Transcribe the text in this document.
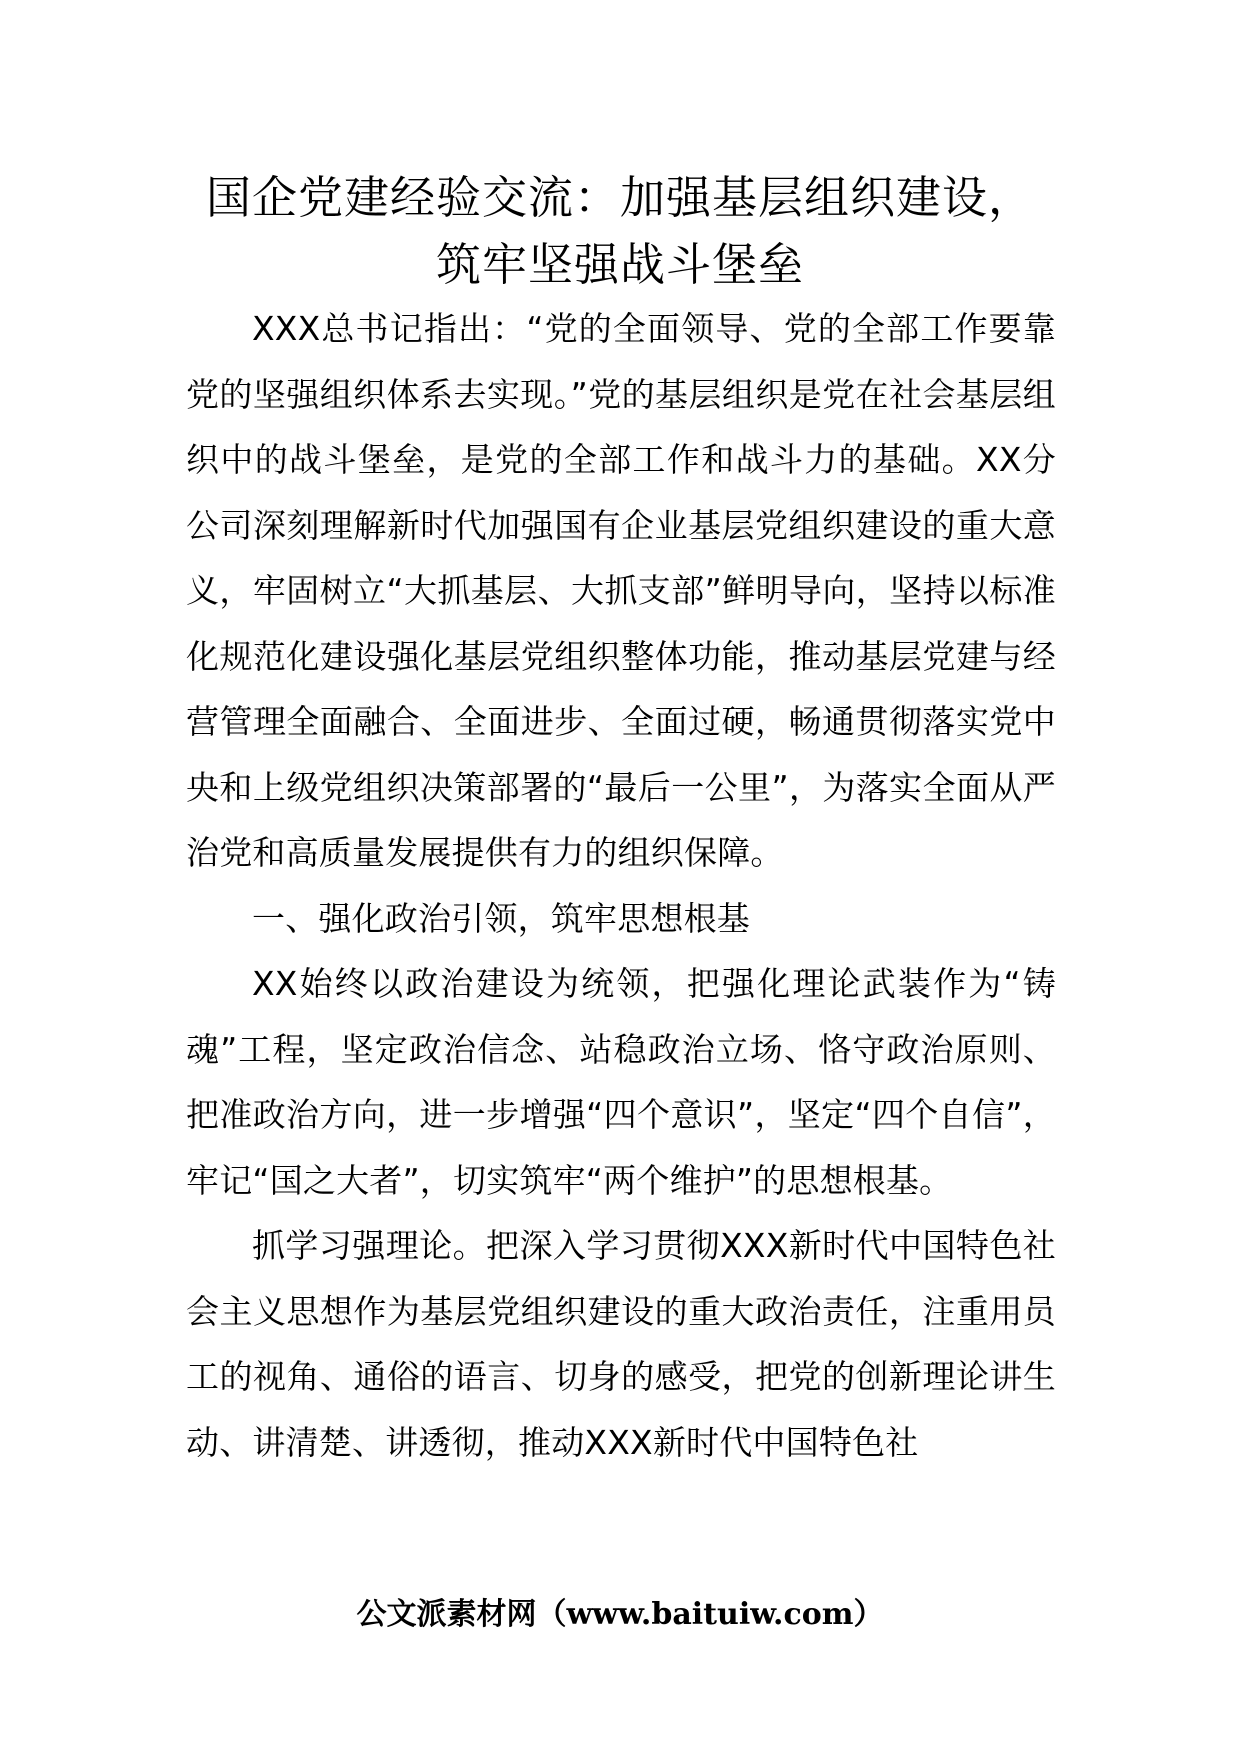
国企党建经验交流：加强基层组织建设，
筑牢坚强战斗堡垒

XXX总书记指出：“党的全面领导、党的全部工作要靠党的坚强组织体系去实现。”党的基层组织是党在社会基层组织中的战斗堡垒，是党的全部工作和战斗力的基础。XX分公司深刻理解新时代加强国有企业基层党组织建设的重大意义，牢固树立“大抓基层、大抓支部”鲜明导向，坚持以标准化规范化建设强化基层党组织整体功能，推动基层党建与经营管理全面融合、全面进步、全面过硬，畅通贯彻落实党中央和上级党组织决策部署的“最后一公里”，为落实全面从严治党和高质量发展提供有力的组织保障。

一、强化政治引领，筑牢思想根基

XX始终以政治建设为统领，把强化理论武装作为“铸魂”工程，坚定政治信念、站稳政治立场、恪守政治原则、把准政治方向，进一步增强“四个意识”，坚定“四个自信”，牢记“国之大者”，切实筑牢“两个维护”的思想根基。

抓学习强理论。把深入学习贯彻XXX新时代中国特色社会主义思想作为基层党组织建设的重大政治责任，注重用员工的视角、通俗的语言、切身的感受，把党的创新理论讲生动、讲清楚、讲透彻，推动XXX新时代中国特色社

公文派素材网（www.baituiw.com）
